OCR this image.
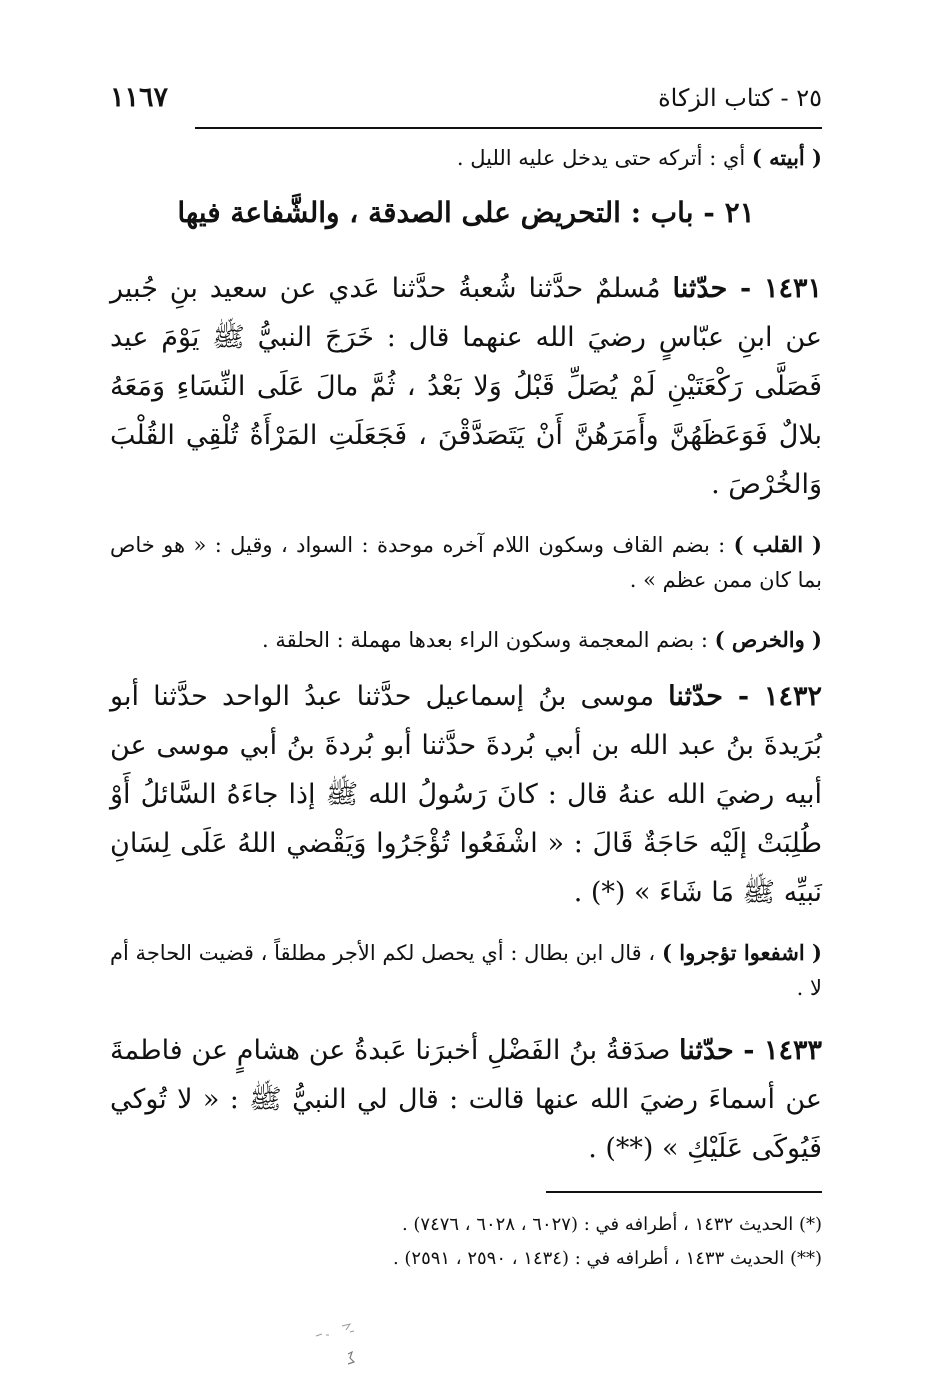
١١٦٧	٢٥ - كتاب الزكاة
( أبيته ) أي : أتركه حتى يدخل عليه الليل .
٢١ - باب : التحريض على الصدقة ، والشَّفاعة فيها
١٤٣١ - حدّثنا مُسلمٌ حدَّثنا شُعبةُ حدَّثنا عَدي عن سعيد بنِ جُبير عن ابنِ عبّاسٍ رضيَ الله عنهما قال : خَرَجَ النبيُّ ﷺ يَوْمَ عيد فَصَلَّى رَكْعَتَيْنِ لَمْ يُصَلِّ قَبْلُ وَلا بَعْدُ ، ثُمَّ مالَ عَلَى النِّسَاءِ وَمَعَهُ بلالٌ فَوَعَظَهُنَّ وأَمَرَهُنَّ أَنْ يَتَصَدَّقْنَ ، فَجَعَلَتِ المَرْأَةُ تُلْقِي القُلْبَ وَالخُرْصَ .
( القلب ) : بضم القاف وسكون اللام آخره موحدة : السواد ، وقيل : « هو خاص بما كان ممن عظم » .
( والخرص ) : بضم المعجمة وسكون الراء بعدها مهملة : الحلقة .
١٤٣٢ - حدّثنا موسى بنُ إسماعيل حدَّثنا عبدُ الواحد حدَّثنا أبو بُرَيدةَ بنُ عبد الله بن أبي بُردةَ حدَّثنا أبو بُردةَ بنُ أبي موسى عن أبيه رضيَ الله عنهُ قال : كانَ رَسُولُ الله ﷺ إذا جاءَهُ السَّائلُ أَوْ طُلِبَتْ إلَيْه حَاجَةٌ قَالَ : « اشْفَعُوا تُؤْجَرُوا وَيَقْضي اللهُ عَلَى لِسَانِ نَبيِّه ﷺ مَا شَاءَ » (*) .
( اشفعوا تؤجروا ) ، قال ابن بطال : أي يحصل لكم الأجر مطلقاً ، قضيت الحاجة أم لا .
١٤٣٣ - حدّثنا صدَقةُ بنُ الفَضْلِ أخبرَنا عَبدةُ عن هشامٍ عن فاطمةَ عن أسماءَ رضيَ الله عنها قالت : قال لي النبيُّ ﷺ : « لا تُوكي فَيُوكَى عَلَيْكِ » (**) .
(*) الحديث ١٤٣٢ ، أطرافه في : (٦٠٢٧ ، ٦٠٢٨ ، ٧٤٧٦) .
(**) الحديث ١٤٣٣ ، أطرافه في : (١٤٣٤ ، ٢٥٩٠ ، ٢٥٩١) .
